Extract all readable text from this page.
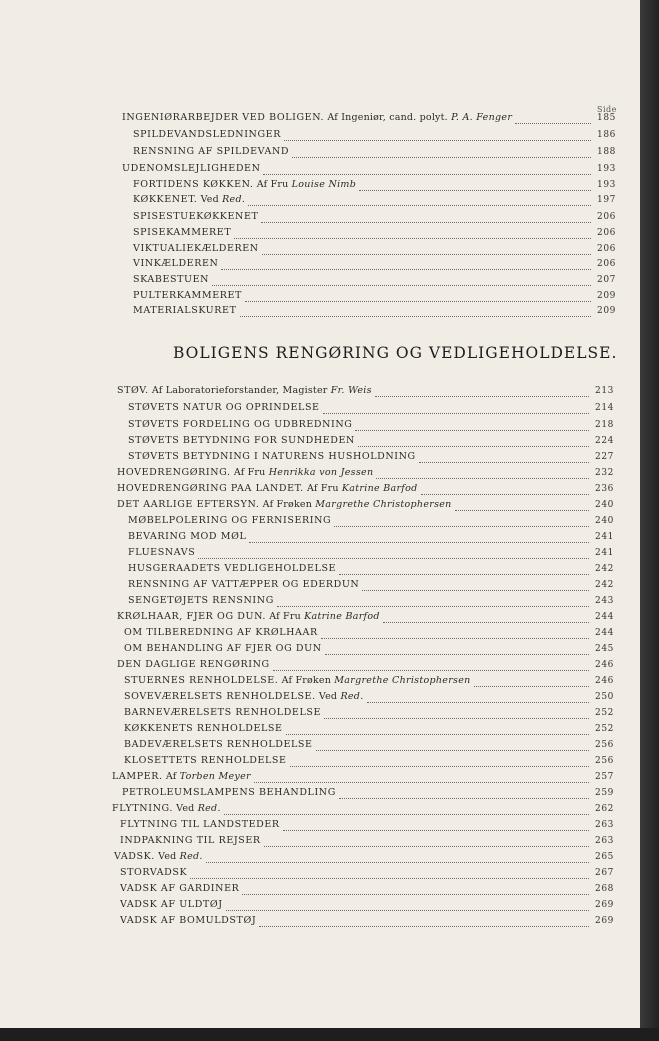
Side
INGENIØRARBEJDER VED BOLIGEN. Af Ingeniør, cand. polyt. P. A. Fenger	185
SPILDEVANDSLEDNINGER	186
RENSNING AF SPILDEVAND	188
UDENOMSLEJLIGHEDEN	193
FORTIDENS KØKKEN. Af Fru Louise Nimb	193
KØKKENET. Ved Red.	197
SPISESTUEKØKKENET	206
SPISEKAMMERET	206
VIKTUALIEKÆLDEREN	206
VINKÆLDEREN	206
SKABESTUEN	207
PULTERKAMMERET	209
MATERIALSKURET	209
BOLIGENS RENGØRING OG VEDLIGEHOLDELSE.
STØV. Af Laboratorieforstander, Magister Fr. Weis	213
STØVETS NATUR OG OPRINDELSE	214
STØVETS FORDELING OG UDBREDNING	218
STØVETS BETYDNING FOR SUNDHEDEN	224
STØVETS BETYDNING I NATURENS HUSHOLDNING	227
HOVEDRENGØRING. Af Fru Henrikka von Jessen	232
HOVEDRENGØRING PAA LANDET. Af Fru Katrine Barfod	236
DET AARLIGE EFTERSYN. Af Frøken Margrethe Christophersen	240
MØBELPOLERING OG FERNISERING	240
BEVARING MOD MØL	241
FLUESNAVS	241
HUSGERAADETS VEDLIGEHOLDELSE	242
RENSNING AF VATTÆPPER OG EDERDUN	242
SENGETØJETS RENSNING	243
KRØLHAAR, FJER OG DUN. Af Fru Katrine Barfod	244
OM TILBEREDNING AF KRØLHAAR	244
OM BEHANDLING AF FJER OG DUN	245
DEN DAGLIGE RENGØRING	246
STUERNES RENHOLDELSE. Af Frøken Margrethe Christophersen	246
SOVEVÆRELSETS RENHOLDELSE. Ved Red.	250
BARNEVÆRELSETS RENHOLDELSE	252
KØKKENETS RENHOLDELSE	252
BADEVÆRELSETS RENHOLDELSE	256
KLOSETTETS RENHOLDELSE	256
LAMPER. Af Torben Meyer	257
PETROLEUMSLAMPENS BEHANDLING	259
FLYTNING. Ved Red.	262
FLYTNING TIL LANDSTEDER	263
INDPAKNING TIL REJSER	263
VADSK. Ved Red.	265
STORVADSK	267
VADSK AF GARDINER	268
VADSK AF ULDTØJ	269
VADSK AF BOMULDSTØJ	269
